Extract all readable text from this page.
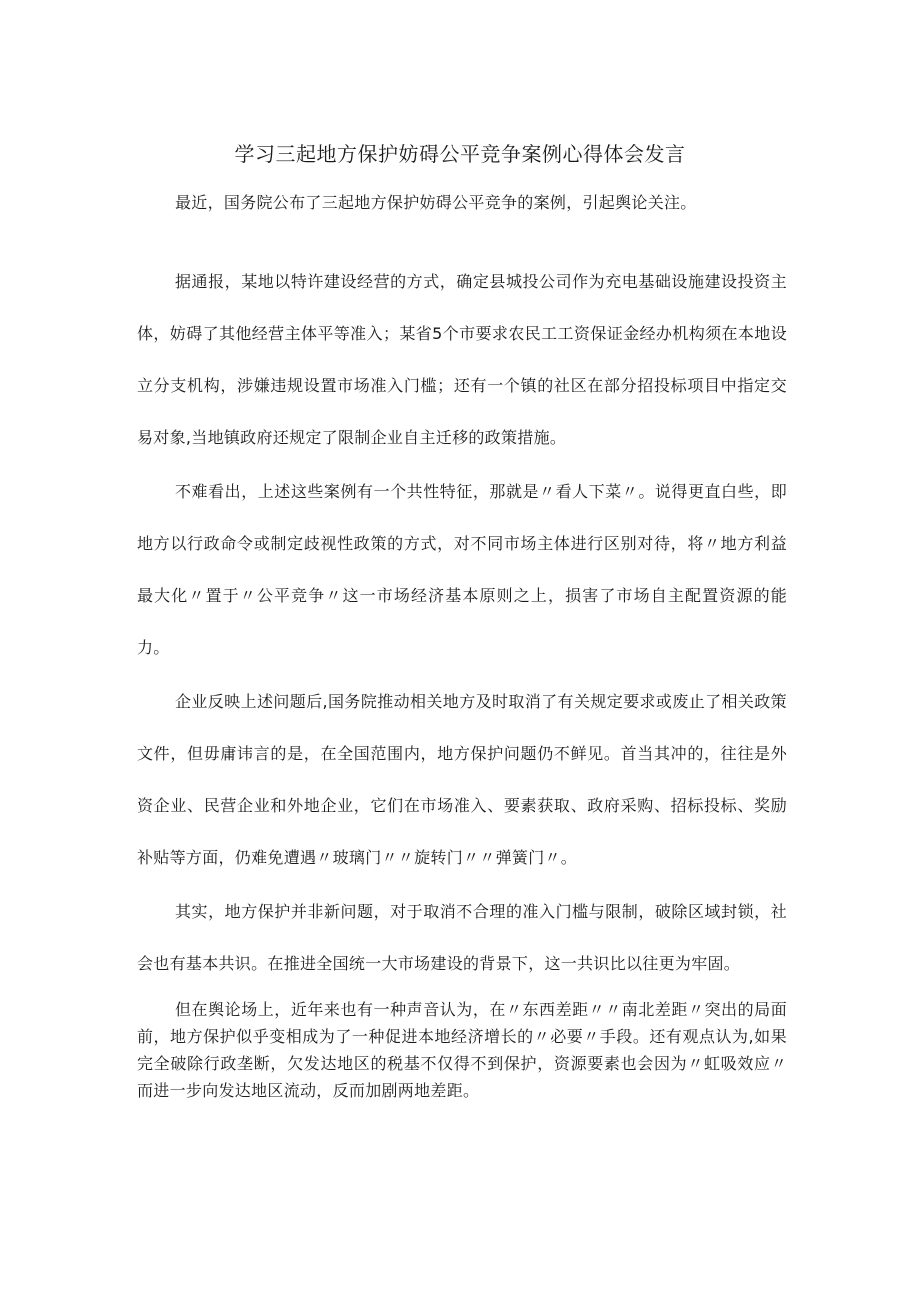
学习三起地方保护妨碍公平竞争案例心得体会发言

最近，国务院公布了三起地方保护妨碍公平竞争的案例，引起舆论关注。

据通报，某地以特许建设经营的方式，确定县城投公司作为充电基础设施建设投资主体，妨碍了其他经营主体平等准入；某省5个市要求农民工工资保证金经办机构须在本地设立分支机构，涉嫌违规设置市场准入门槛；还有一个镇的社区在部分招投标项目中指定交易对象,当地镇政府还规定了限制企业自主迁移的政策措施。

不难看出，上述这些案例有一个共性特征，那就是〃看人下菜〃。说得更直白些，即地方以行政命令或制定歧视性政策的方式，对不同市场主体进行区别对待，将〃地方利益最大化〃置于〃公平竞争〃这一市场经济基本原则之上，损害了市场自主配置资源的能力。

企业反映上述问题后,国务院推动相关地方及时取消了有关规定要求或废止了相关政策文件，但毋庸讳言的是，在全国范围内，地方保护问题仍不鲜见。首当其冲的，往往是外资企业、民营企业和外地企业，它们在市场准入、要素获取、政府采购、招标投标、奖励补贴等方面，仍难免遭遇〃玻璃门〃〃旋转门〃〃弹簧门〃。

其实，地方保护并非新问题，对于取消不合理的准入门槛与限制，破除区域封锁，社会也有基本共识。在推进全国统一大市场建设的背景下，这一共识比以往更为牢固。

但在舆论场上，近年来也有一种声音认为，在〃东西差距〃〃南北差距〃突出的局面前，地方保护似乎变相成为了一种促进本地经济增长的〃必要〃手段。还有观点认为,如果完全破除行政垄断，欠发达地区的税基不仅得不到保护，资源要素也会因为〃虹吸效应〃而进一步向发达地区流动，反而加剧两地差距。
